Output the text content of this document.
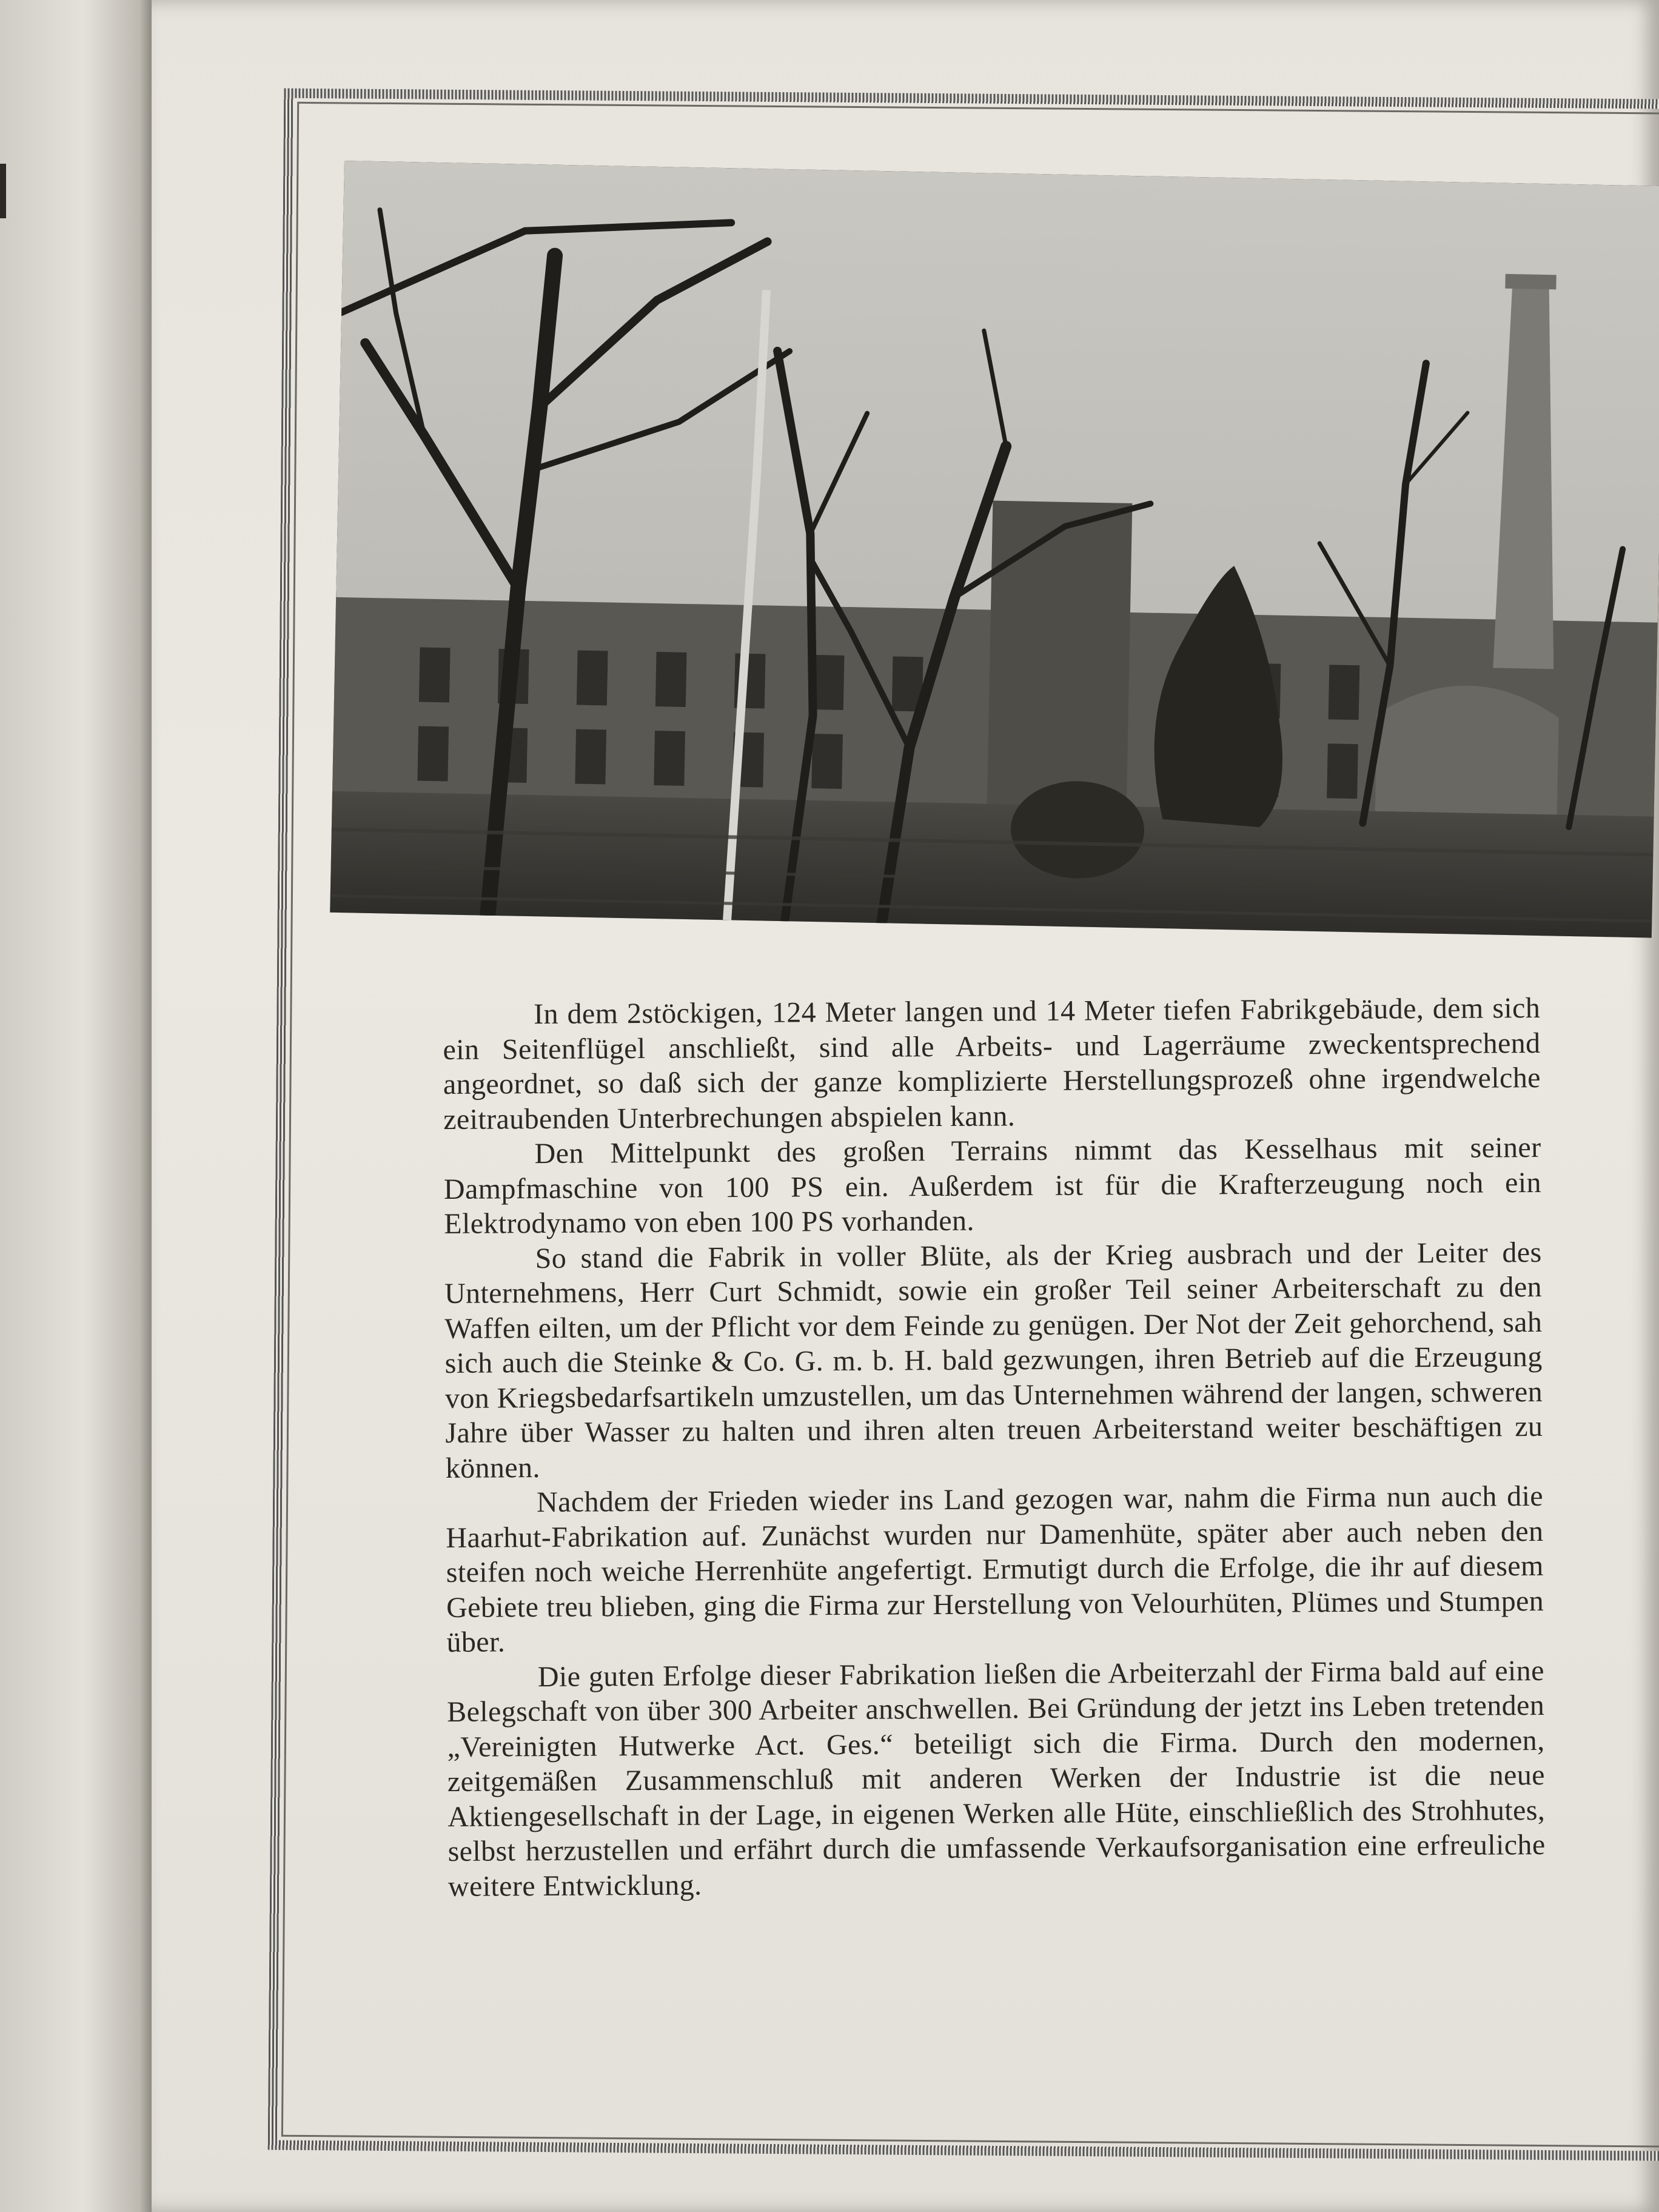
In dem 2stöckigen, 124 Meter langen und 14 Meter tiefen Fabrikgebäude, dem sich ein Seitenflügel anschließt, sind alle Arbeits- und Lagerräume zweckentsprechend angeordnet, so daß sich der ganze komplizierte Herstellungsprozeß ohne irgendwelche zeitraubenden Unterbrechungen abspielen kann.

Den Mittelpunkt des großen Terrains nimmt das Kesselhaus mit seiner Dampfmaschine von 100 PS ein. Außerdem ist für die Krafterzeugung noch ein Elektrodynamo von eben 100 PS vorhanden.

So stand die Fabrik in voller Blüte, als der Krieg ausbrach und der Leiter des Unternehmens, Herr Curt Schmidt, sowie ein großer Teil seiner Arbeiterschaft zu den Waffen eilten, um der Pflicht vor dem Feinde zu genügen. Der Not der Zeit gehorchend, sah sich auch die Steinke & Co. G. m. b. H. bald gezwungen, ihren Betrieb auf die Erzeugung von Kriegsbedarfsartikeln umzustellen, um das Unternehmen während der langen, schweren Jahre über Wasser zu halten und ihren alten treuen Arbeiterstand weiter beschäftigen zu können.

Nachdem der Frieden wieder ins Land gezogen war, nahm die Firma nun auch die Haarhut-Fabrikation auf. Zunächst wurden nur Damenhüte, später aber auch neben den steifen noch weiche Herrenhüte angefertigt. Ermutigt durch die Erfolge, die ihr auf diesem Gebiete treu blieben, ging die Firma zur Herstellung von Velourhüten, Plümes und Stumpen über.

Die guten Erfolge dieser Fabrikation ließen die Arbeiterzahl der Firma bald auf eine Belegschaft von über 300 Arbeiter anschwellen. Bei Gründung der jetzt ins Leben tretenden „Vereinigten Hutwerke Act. Ges.“ beteiligt sich die Firma. Durch den modernen, zeitgemäßen Zusammenschluß mit anderen Werken der Industrie ist die neue Aktiengesellschaft in der Lage, in eigenen Werken alle Hüte, einschließlich des Strohhutes, selbst herzustellen und erfährt durch die umfassende Verkaufsorganisation eine erfreuliche weitere Entwicklung.
